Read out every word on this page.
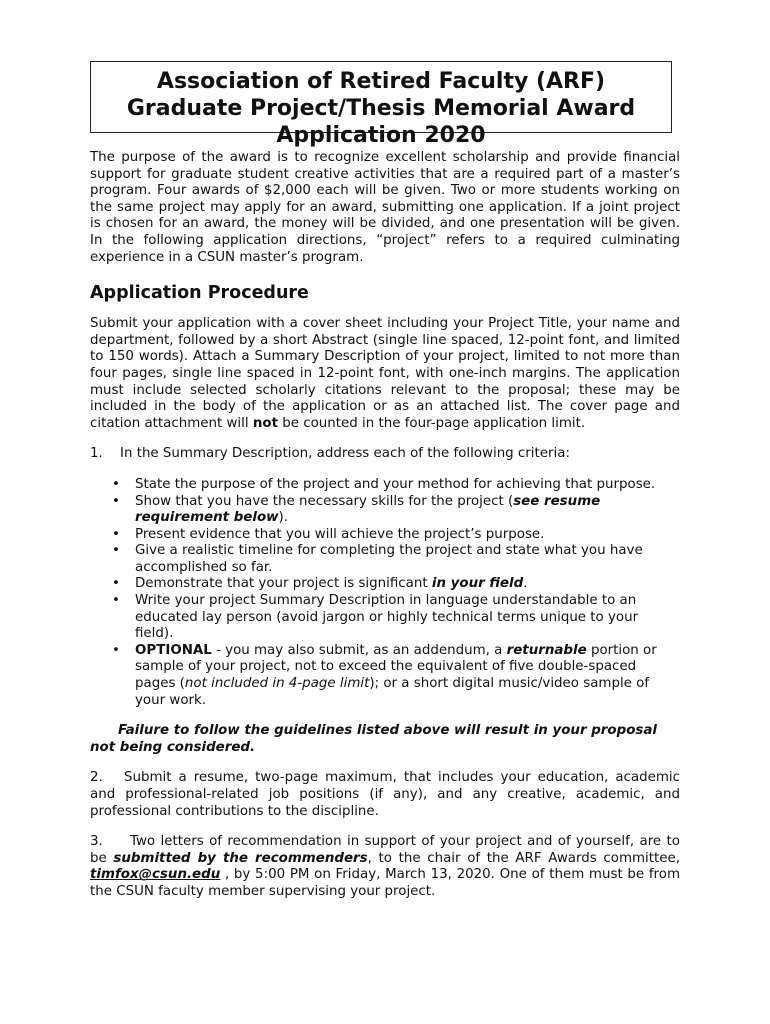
Association of Retired Faculty (ARF)

Graduate Project/Thesis Memorial Award

Application 2020

The purpose of the award is to recognize excellent scholarship and provide financial support for graduate student creative activities that are a required part of a master’s program. Four awards of $2,000 each will be given. Two or more students working on the same project may apply for an award, submitting one application. If a joint project is chosen for an award, the money will be divided, and one presentation will be given. In the following application directions, “project” refers to a required culminating experience in a CSUN master’s program.

Application Procedure

Submit your application with a cover sheet including your Project Title, your name and department, followed by a short Abstract (single line spaced, 12-point font, and limited to 150 words). Attach a Summary Description of your project, limited to not more than four pages, single line spaced in 12-point font, with one-inch margins. The application must include selected scholarly citations relevant to the proposal; these may be included in the body of the application or as an attached list. The cover page and citation attachment will not be counted in the four-page application limit.

1. In the Summary Description, address each of the following criteria:

• State the purpose of the project and your method for achieving that purpose.
• Show that you have the necessary skills for the project (see resume requirement below).
• Present evidence that you will achieve the project’s purpose.
• Give a realistic timeline for completing the project and state what you have accomplished so far.
• Demonstrate that your project is significant in your field.
• Write your project Summary Description in language understandable to an educated lay person (avoid jargon or highly technical terms unique to your field).
• OPTIONAL - you may also submit, as an addendum, a returnable portion or sample of your project, not to exceed the equivalent of five double-spaced pages (not included in 4-page limit); or a short digital music/video sample of your work.

Failure to follow the guidelines listed above will result in your proposal not being considered.

2. Submit a resume, two-page maximum, that includes your education, academic and professional-related job positions (if any), and any creative, academic, and professional contributions to the discipline.

3. Two letters of recommendation in support of your project and of yourself, are to be submitted by the recommenders, to the chair of the ARF Awards committee, timfox@csun.edu , by 5:00 PM on Friday, March 13, 2020. One of them must be from the CSUN faculty member supervising your project.
